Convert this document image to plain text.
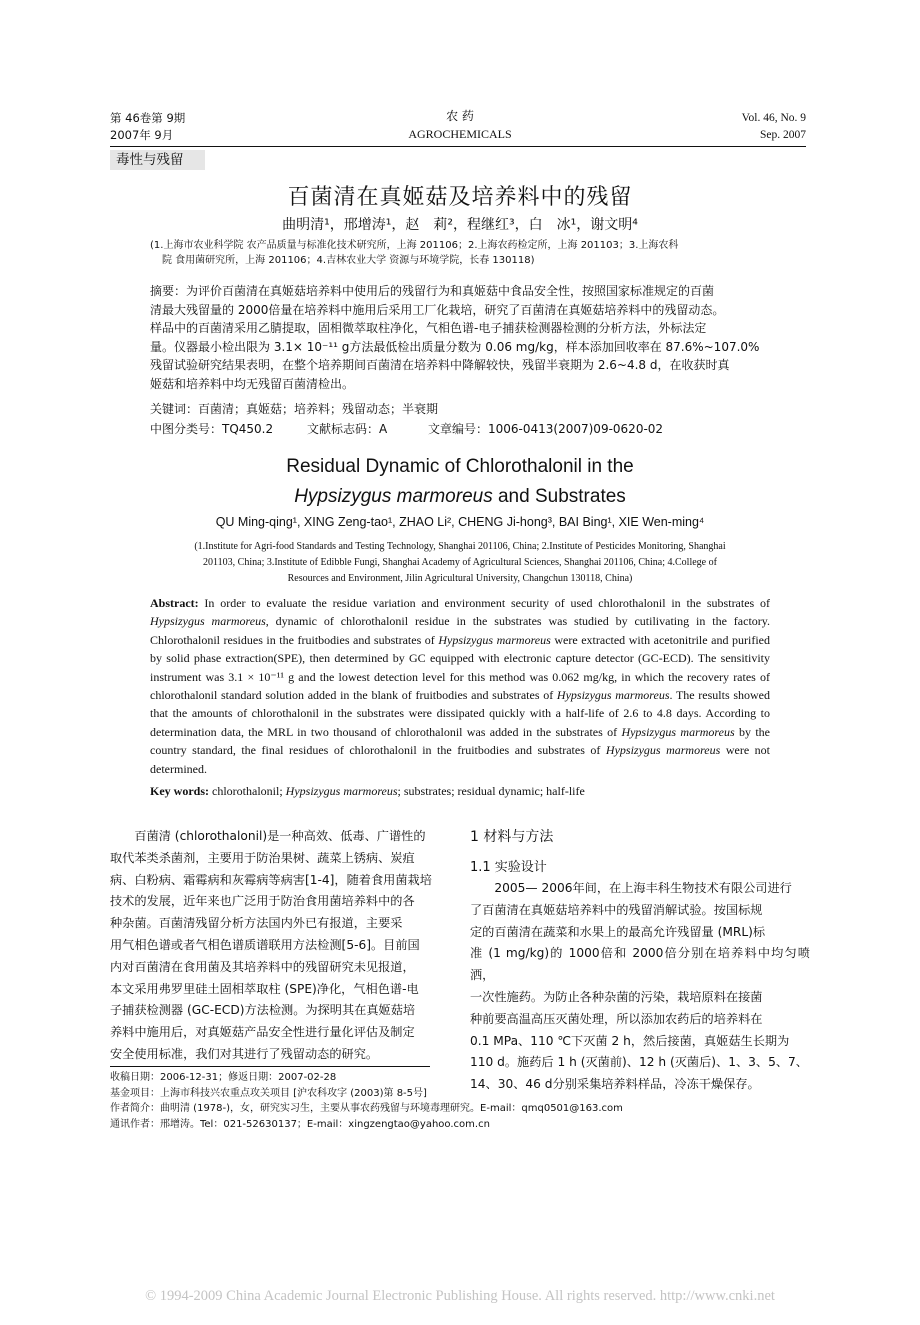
第 46卷第 9期
2007年 9月
农 药
AGROCHEMICALS
Vol. 46, No. 9
Sep. 2007
毒性与残留
百菌清在真姬菇及培养料中的残留
曲明清¹，邢增涛¹，赵　莉²，程继红³，白　冰¹，谢文明⁴
(1.上海市农业科学院 农产品质量与标准化技术研究所，上海 201106；2.上海农药检定所，上海 201103；3.上海农科
院 食用菌研究所，上海 201106；4.吉林农业大学 资源与环境学院，长春 130118)
摘要：为评价百菌清在真姬菇培养料中使用后的残留行为和真姬菇中食品安全性，按照国家标准规定的百菌
清最大残留量的 2000倍量在培养料中施用后采用工厂化栽培，研究了百菌清在真姬菇培养料中的残留动态。
样品中的百菌清采用乙腈提取，固相微萃取柱净化，气相色谱-电子捕获检测器检测的分析方法，外标法定
量。仪器最小检出限为 3.1× 10⁻¹¹ g方法最低检出质量分数为 0.06 mg/kg，样本添加回收率在 87.6%~107.0%
残留试验研究结果表明，在整个培养期间百菌清在培养料中降解较快，残留半衰期为 2.6~4.8 d，在收获时真
姬菇和培养料中均无残留百菌清检出。
关键词：百菌清；真姬菇；培养料；残留动态；半衰期
中图分类号：TQ450.2	文献标志码：A	文章编号：1006-0413(2007)09-0620-02
Residual Dynamic of Chlorothalonil in the
Hypsizygus marmoreus and Substrates
QU Ming-qing¹, XING Zeng-tao¹, ZHAO Li², CHENG Ji-hong³, BAI Bing¹, XIE Wen-ming⁴
(1.Institute for Agri-food Standards and Testing Technology, Shanghai 201106, China; 2.Institute of Pesticides Monitoring, Shanghai
201103, China; 3.Institute of Edibble Fungi, Shanghai Academy of Agricultural Sciences, Shanghai 201106, China; 4.College of
Resources and Environment, Jilin Agricultural University, Changchun 130118, China)
Abstract: In order to evaluate the residue variation and environment security of used chlorothalonil in the substrates of Hypsizygus marmoreus, dynamic of chlorothalonil residue in the substrates was studied by cutilivating in the factory. Chlorothalonil residues in the fruitbodies and substrates of Hypsizygus marmoreus were extracted with acetonitrile and purified by solid phase extraction(SPE), then determined by GC equipped with electronic capture detector (GC-ECD). The sensitivity instrument was 3.1 × 10⁻¹¹ g and the lowest detection level for this method was 0.062 mg/kg, in which the recovery rates of chlorothalonil standard solution added in the blank of fruitbodies and substrates of Hypsizygus marmoreus. The results showed that the amounts of chlorothalonil in the substrates were dissipated quickly with a half-life of 2.6 to 4.8 days. According to determination data, the MRL in two thousand of chlorothalonil was added in the substrates of Hypsizygus marmoreus by the country standard, the final residues of chlorothalonil in the fruitbodies and substrates of Hypsizygus marmoreus were not determined.
Key words: chlorothalonil; Hypsizygus marmoreus; substrates; residual dynamic; half-life
　　百菌清 (chlorothalonil)是一种高效、低毒、广谱性的
取代苯类杀菌剂，主要用于防治果树、蔬菜上锈病、炭疽
病、白粉病、霜霉病和灰霉病等病害[1-4]，随着食用菌栽培
技术的发展，近年来也广泛用于防治食用菌培养料中的各
种杂菌。百菌清残留分析方法国内外已有报道，主要采
用气相色谱或者气相色谱质谱联用方法检测[5-6]。目前国
内对百菌清在食用菌及其培养料中的残留研究未见报道，
本文采用弗罗里硅土固相萃取柱 (SPE)净化，气相色谱-电
子捕获检测器 (GC-ECD)方法检测。为探明其在真姬菇培
养料中施用后，对真姬菇产品安全性进行量化评估及制定
安全使用标准，我们对其进行了残留动态的研究。
1 材料与方法
1.1 实验设计
　　2005— 2006年间，在上海丰科生物技术有限公司进行
了百菌清在真姬菇培养料中的残留消解试验。按国标规
定的百菌清在蔬菜和水果上的最高允许残留量 (MRL)标
准 (1 mg/kg)的 1000倍和 2000倍分别在培养料中均匀喷洒，
一次性施药。为防止各种杂菌的污染，栽培原料在接菌
种前要高温高压灭菌处理，所以添加农药后的培养料在
0.1 MPa、110 ℃下灭菌 2 h，然后接菌，真姬菇生长期为
110 d。施药后 1 h (灭菌前)、12 h (灭菌后)、1、3、5、7、
14、30、46 d分别采集培养料样品，冷冻干燥保存。
收稿日期：2006-12-31；修返日期：2007-02-28
基金项目：上海市科技兴农重点攻关项目 [沪农科攻字 (2003)第 8-5号]
作者简介：曲明清 (1978-)，女，研究实习生，主要从事农药残留与环境毒理研究。E-mail：qmq0501@163.com
通讯作者：邢增涛。Tel：021-52630137；E-mail：xingzengtao@yahoo.com.cn
© 1994-2009 China Academic Journal Electronic Publishing House. All rights reserved. http://www.cnki.net
